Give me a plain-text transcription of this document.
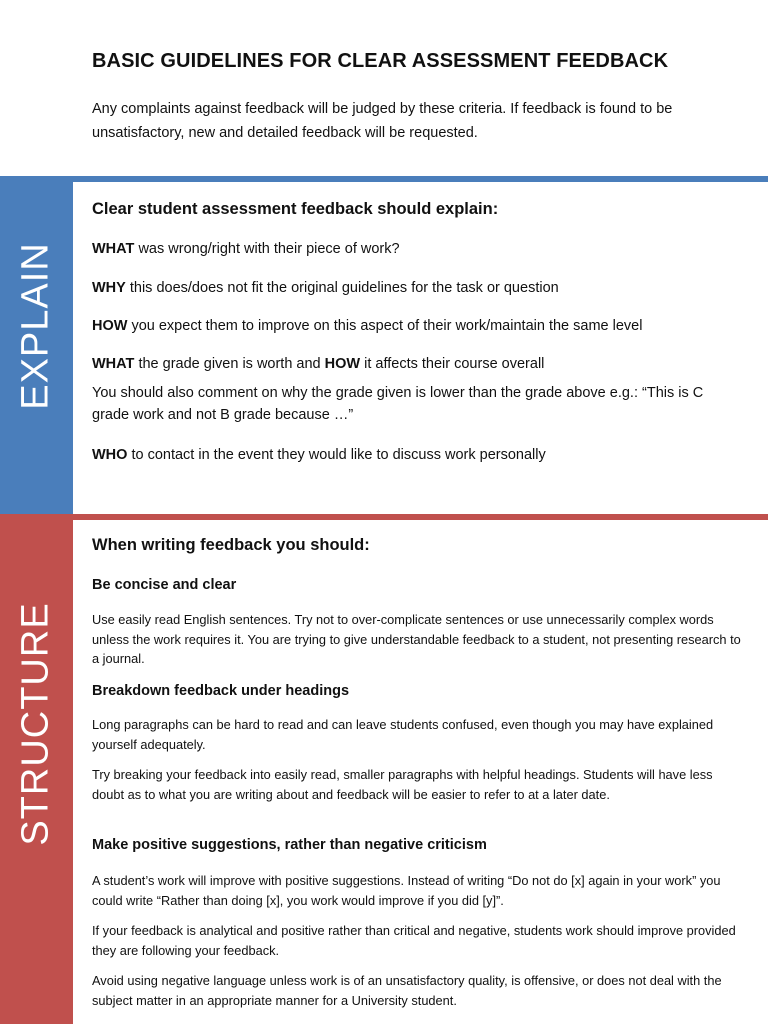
BASIC GUIDELINES FOR CLEAR ASSESSMENT FEEDBACK
Any complaints against feedback will be judged by these criteria. If feedback is found to be unsatisfactory, new and detailed feedback will be requested.
EXPLAIN
Clear student assessment feedback should explain:
WHAT was wrong/right with their piece of work?
WHY this does/does not fit the original guidelines for the task or question
HOW you expect them to improve on this aspect of their work/maintain the same level
WHAT the grade given is worth and HOW it affects their course overall
You should also comment on why the grade given is lower than the grade above e.g.: “This is C grade work and not B grade because …”
WHO to contact in the event they would like to discuss work personally
STRUCTURE
When writing feedback you should:
Be concise and clear
Use easily read English sentences. Try not to over-complicate sentences or use unnecessarily complex words unless the work requires it. You are trying to give understandable feedback to a student, not presenting research to a journal.
Breakdown feedback under headings
Long paragraphs can be hard to read and can leave students confused, even though you may have explained yourself adequately.
Try breaking your feedback into easily read, smaller paragraphs with helpful headings. Students will have less doubt as to what you are writing about and feedback will be easier to refer to at a later date.
Make positive suggestions, rather than negative criticism
A student’s work will improve with positive suggestions. Instead of writing “Do not do [x] again in your work” you could write “Rather than doing [x], you work would improve if you did [y]”.
If your feedback is analytical and positive rather than critical and negative, students work should improve provided they are following your feedback.
Avoid using negative language unless work is of an unsatisfactory quality, is offensive, or does not deal with the subject matter in an appropriate manner for a University student.
